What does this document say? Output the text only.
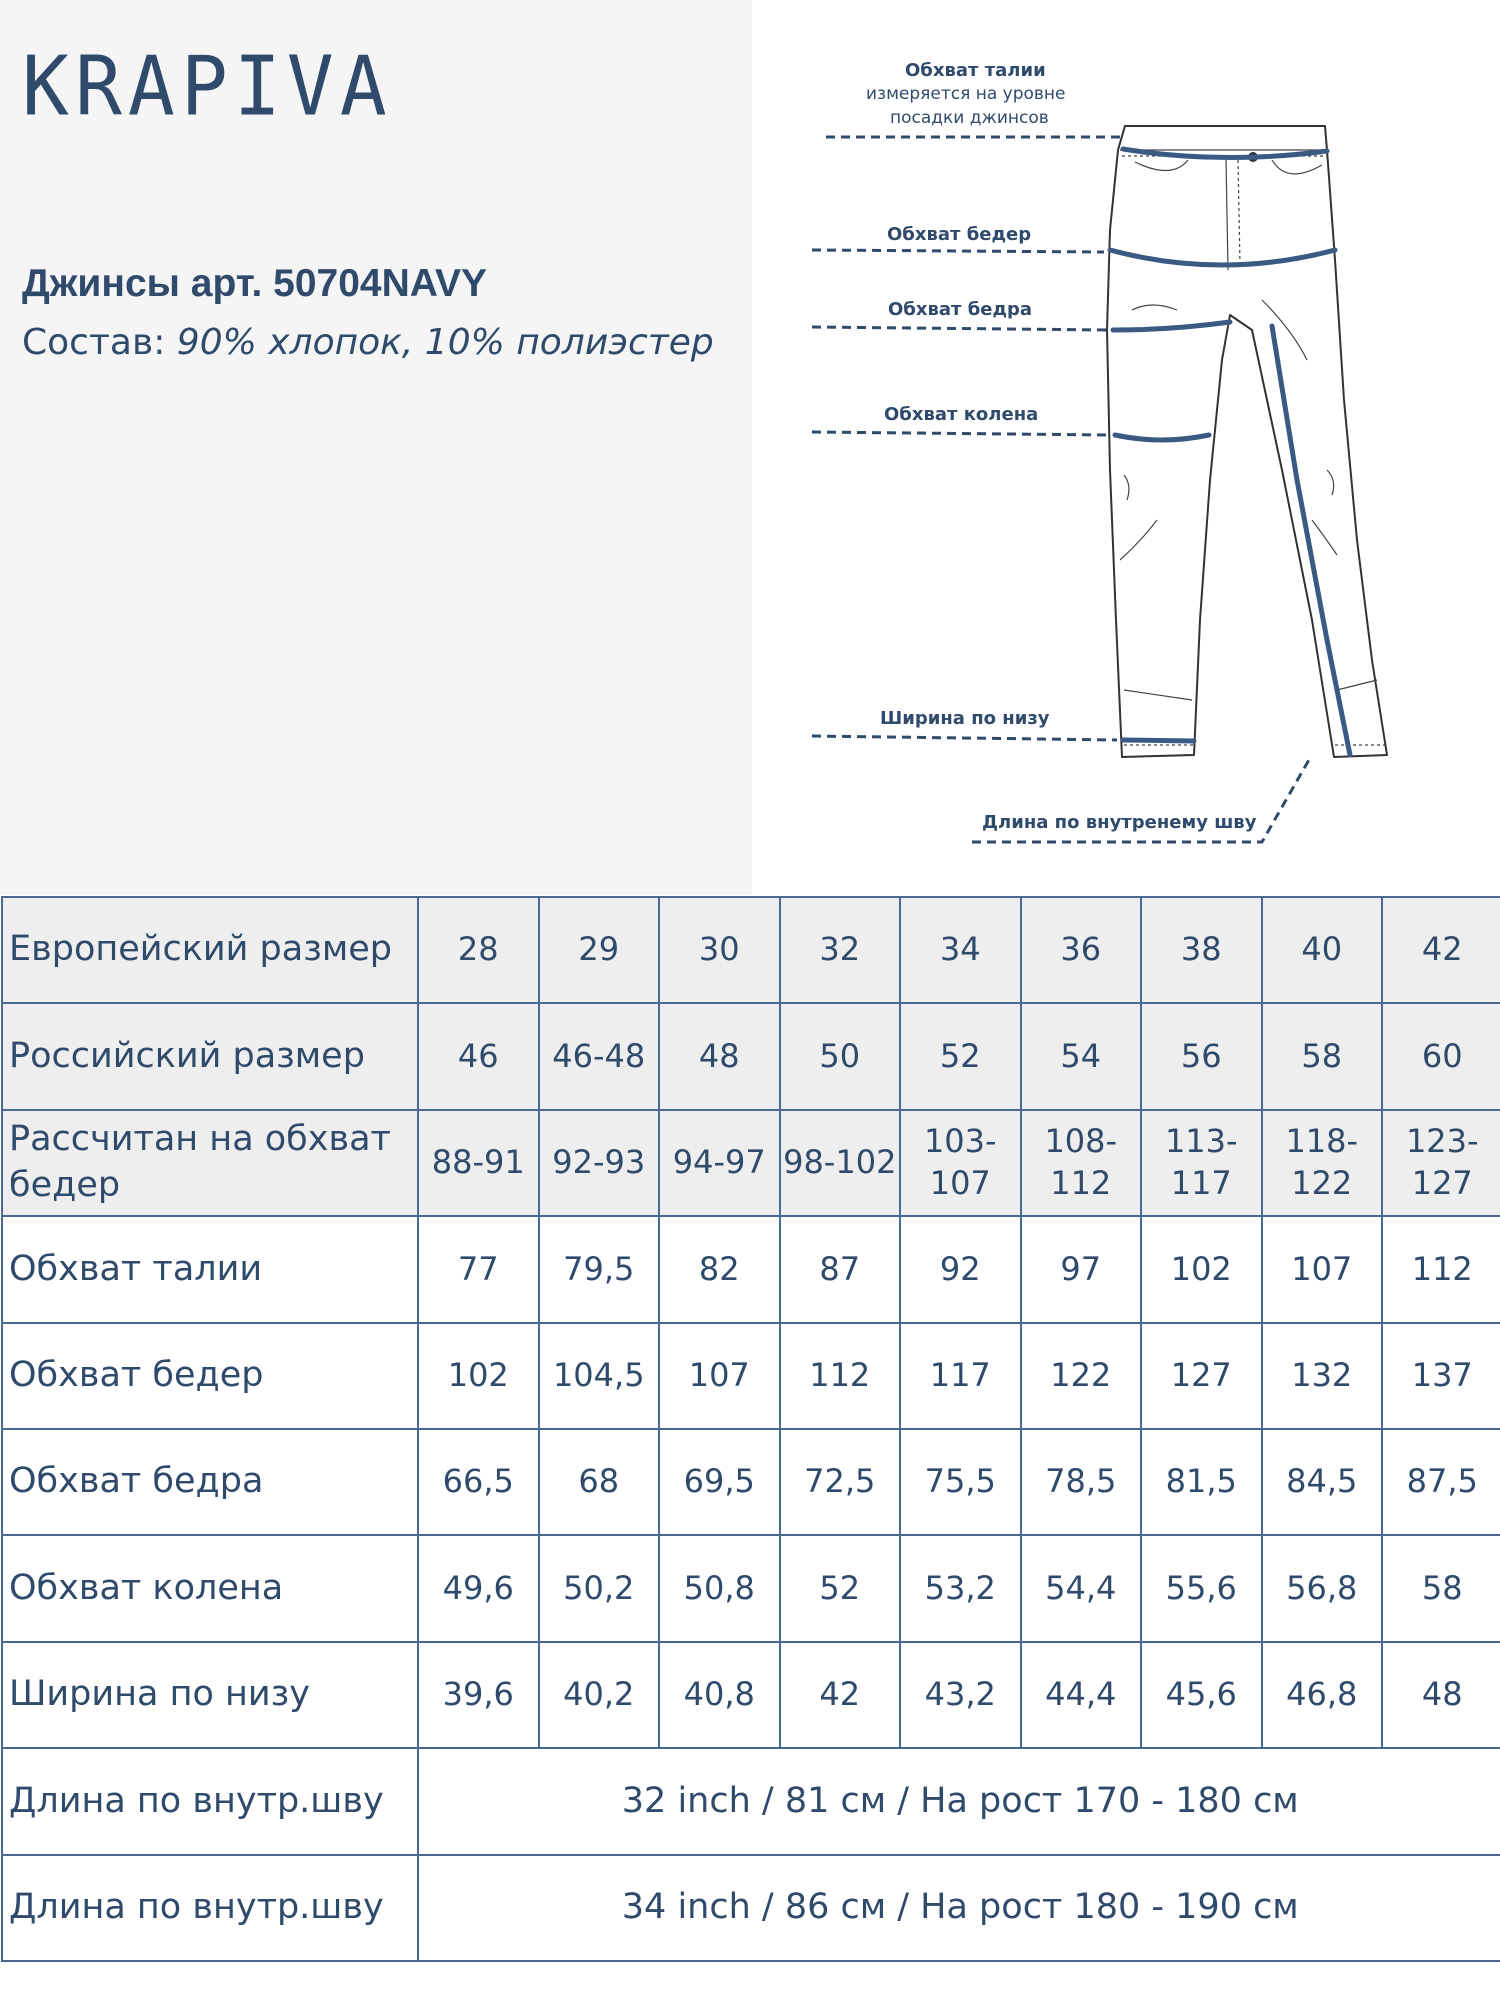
KRAPIVA
Джинсы арт. 50704NAVY
Состав: 90% хлопок, 10% полиэстер
Обхват талии
измеряется на уровне
посадки джинсов
Обхват бедер
Обхват бедра
Обхват колена
Ширина по низу
Длина по внутренему шву
Европейский размер	28	29	30	32	34	36	38	40	42
Российский размер	46	46-48	48	50	52	54	56	58	60
Рассчитан на обхват бедер	88-91	92-93	94-97	98-102	103-107	108-112	113-117	118-122	123-127
Обхват талии	77	79,5	82	87	92	97	102	107	112
Обхват бедер	102	104,5	107	112	117	122	127	132	137
Обхват бедра	66,5	68	69,5	72,5	75,5	78,5	81,5	84,5	87,5
Обхват колена	49,6	50,2	50,8	52	53,2	54,4	55,6	56,8	58
Ширина по низу	39,6	40,2	40,8	42	43,2	44,4	45,6	46,8	48
Длина по внутр.шву	32 inch / 81 см / На рост 170 - 180 см								
Длина по внутр.шву	34 inch / 86 см / На рост 180 - 190 см								
